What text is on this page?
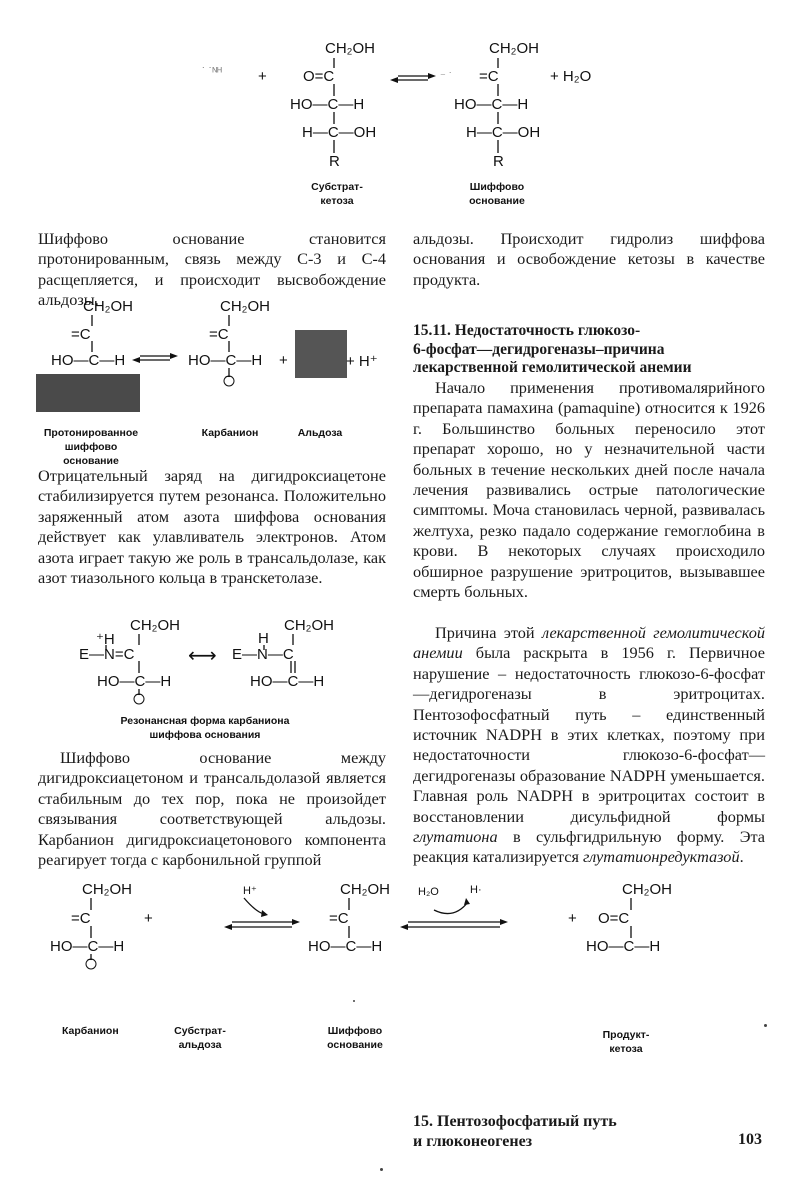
˙ ˙ᴺᴴ +
CH₂OH
O=C
HO—C—H
H—C—OH
R
⁻ ˙
CH₂OH
=C
HO—C—H
H—C—OH
R
+ H₂O
Субстрат-
кетоза
Шиффово
основание

Шиффово основание становится протонированным, связь между С-3 и С-4 расщепляется, и происходит высвобождение альдозы.

CH₂OH
=C
HO—C—H
CH₂OH
=C
HO—C—H
−
+	+ H⁺
Протонированное
шиффово основание
Карбанион	Альдоза

Отрицательный заряд на дигидроксиацетоне стабилизируется путем резонанса. Положительно заряженный атом азота шиффова основания действует как улавливатель электронов. Атом азота играет такую же роль в трансальдолазе, как азот тиазольного кольца в транскетолазе.

⁺H
CH₂OH
E—N=C
HO—C—H
−
⟷
H
CH₂OH
E—N—C
HO—C—H
Резонансная форма карбаниона
шиффова основания

Шиффово основание между дигидроксиацетоном и трансальдолазой является стабильным до тех пор, пока не произойдет связывания соответствующей альдозы. Карбанион дигидроксиацетонового компонента реагирует тогда с карбонильной группой

альдозы. Происходит гидролиз шиффова основания и освобождение кетозы в качестве продукта.

15.11. Недостаточность глюкозо-
6-фосфат—дегидрогеназы–причина
лекарственной гемолитической анемии

Начало применения противомалярийного препарата памахина (pamaquine) относится к 1926 г. Большинство больных переносило этот препарат хорошо, но у незначительной части больных в течение нескольких дней после начала лечения развивались острые патологические симптомы. Моча становилась черной, развивалась желтуха, резко падало содержание гемоглобина в крови. В некоторых случаях происходило обширное разрушение эритроцитов, вызывавшее смерть больных.

Причина этой лекарственной гемолитической анемии была раскрыта в 1956 г. Первичное нарушение – недостаточность глюкозо-6-фосфат—дегидрогеназы в эритроцитах. Пентозофосфатный путь – единственный источник NADPH в этих клетках, поэтому при недостаточности глюкозо-6-фосфат—дегидрогеназы образование NADPH уменьшается. Главная роль NADPH в эритроцитах состоит в восстановлении дисульфидной формы глутатиона в сульфгидрильную форму. Эта реакция катализируется глутатионредуктазой.

CH₂OH
=C
HO—C—H
−
+
H⁺	CH₂OH
=C
HO—C—H
H₂O	H·
+
CH₂OH
O=C
HO—C—H
Карбанион	Субстрат-
альдоза
Шиффово
основание
Продукт-
кетоза
15. Пентозофосфатиый путь
и глюконеогенез	103
